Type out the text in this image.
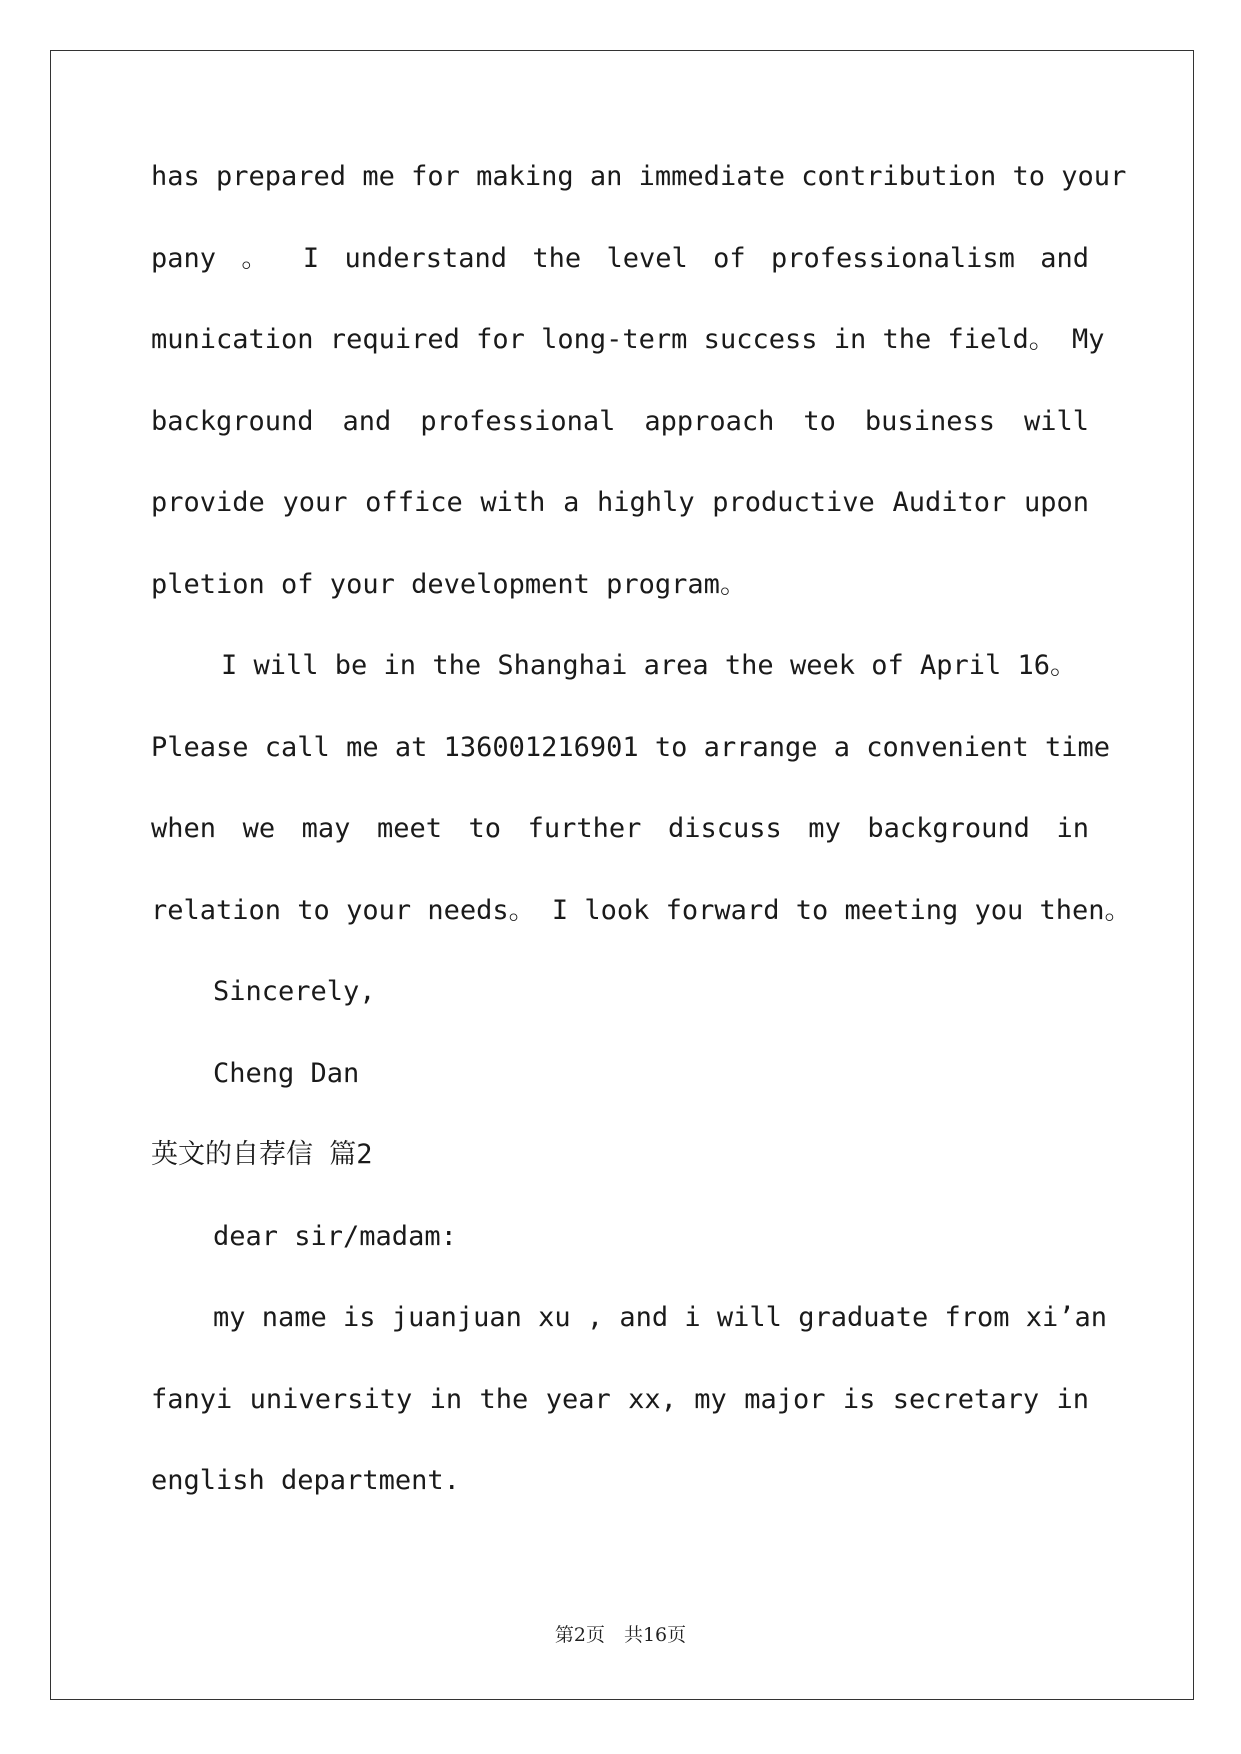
has prepared me for making an immediate contribution to your
pany 。 I understand the level of professionalism and
munication required for long-term success in the field。 My
background and professional approach to business will
provide your office with a highly productive Auditor upon
pletion of your development program。
I will be in the Shanghai area the week of April 16。
Please call me at 136001216901 to arrange a convenient time
when we may meet to further discuss my background in
relation to your needs。 I look forward to meeting you then。
Sincerely,
Cheng Dan
英文的自荐信 篇2
dear sir/madam:
my name is juanjuan xu , and i will graduate from xi’an
fanyi university in the year xx, my major is secretary in
english department.
第2页　共16页
